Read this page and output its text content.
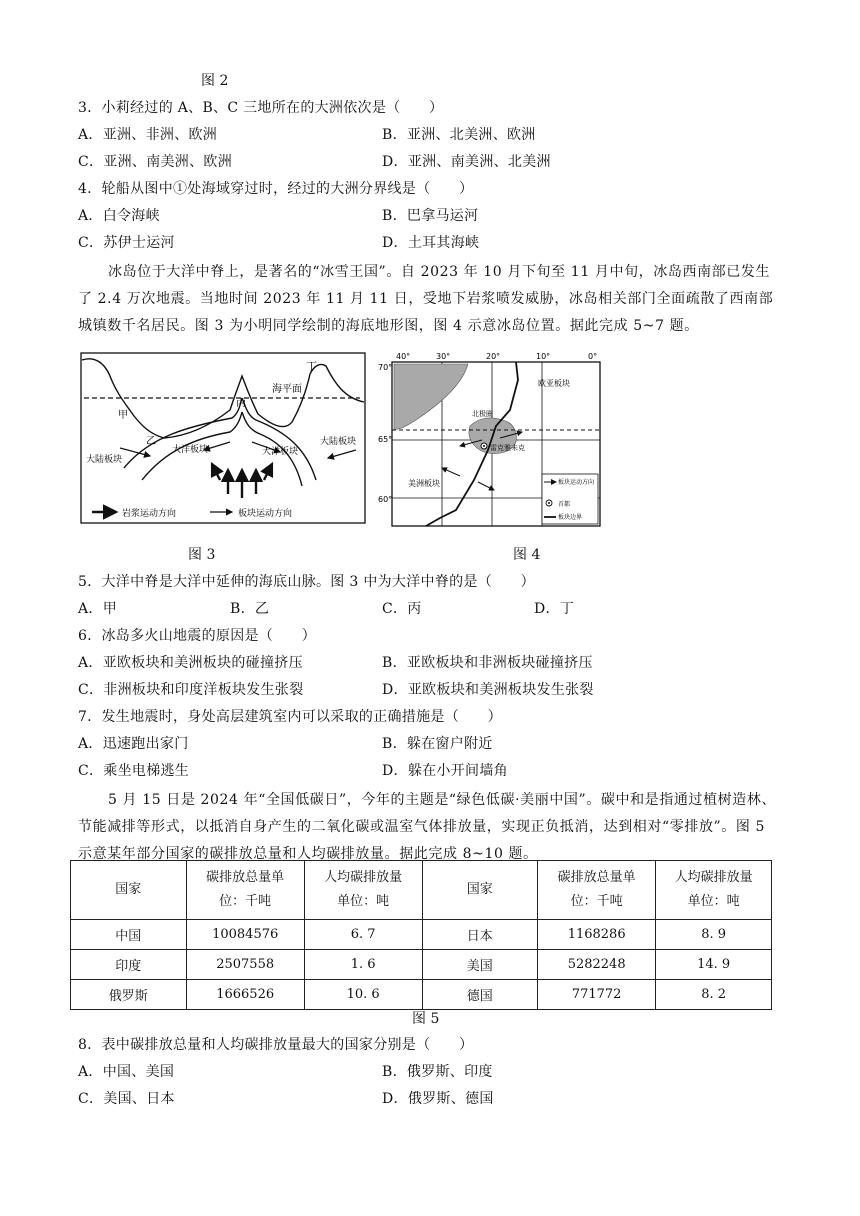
图 2
3．小莉经过的 A、B、C 三地所在的大洲依次是（　　）
A．亚洲、非洲、欧洲	B．亚洲、北美洲、欧洲
C．亚洲、南美洲、欧洲	D．亚洲、南美洲、北美洲
4．轮船从图中①处海域穿过时，经过的大洲分界线是（　　）
A．白令海峡	B．巴拿马运河
C．苏伊士运河	D．土耳其海峡
冰岛位于大洋中脊上，是著名的“冰雪王国”。自 2023 年 10 月下旬至 11 月中旬，冰岛西南部已发生了 2.4 万次地震。当地时间 2023 年 11 月 11 日，受地下岩浆喷发威胁，冰岛相关部门全面疏散了西南部城镇数千名居民。图 3 为小明同学绘制的海底地形图，图 4 示意冰岛位置。据此完成 5~7 题。
丁
海平面
甲
丙
乙
大洋板块	大洋板块
大陆板块
大陆板块
岩浆运动方向	板块运动方向
图 3
40°	30°	20°	10°	0°
70°
65°
60°
欧亚板块
北极圈
雷克雅未克
美洲板块	板块运动方向
首都
板块边界
图 4
5．大洋中脊是大洋中延伸的海底山脉。图 3 中为大洋中脊的是（　　）
A．甲	B．乙	C．丙	D．丁
6．冰岛多火山地震的原因是（　　）
A．亚欧板块和美洲板块的碰撞挤压	B．亚欧板块和非洲板块碰撞挤压
C．非洲板块和印度洋板块发生张裂	D．亚欧板块和美洲板块发生张裂
7．发生地震时，身处高层建筑室内可以采取的正确措施是（　　）
A．迅速跑出家门	B．躲在窗户附近
C．乘坐电梯逃生	D．躲在小开间墙角
5 月 15 日是 2024 年“全国低碳日”，今年的主题是“绿色低碳·美丽中国”。碳中和是指通过植树造林、节能减排等形式，以抵消自身产生的二氧化碳或温室气体排放量，实现正负抵消，达到相对“零排放”。图 5 示意某年部分国家的碳排放总量和人均碳排放量。据此完成 8~10 题。
国家	碳排放总量单
位：千吨	人均碳排放量
单位：吨	国家	碳排放总量单
位：千吨	人均碳排放量
单位：吨
中国	10084576	6. 7	日本	1168286	8. 9
印度	2507558	1. 6	美国	5282248	14. 9
俄罗斯	1666526	10. 6	德国	771772	8. 2
图 5
8．表中碳排放总量和人均碳排放量最大的国家分别是（　　）
A．中国、美国	B．俄罗斯、印度
C．美国、日本	D．俄罗斯、德国
